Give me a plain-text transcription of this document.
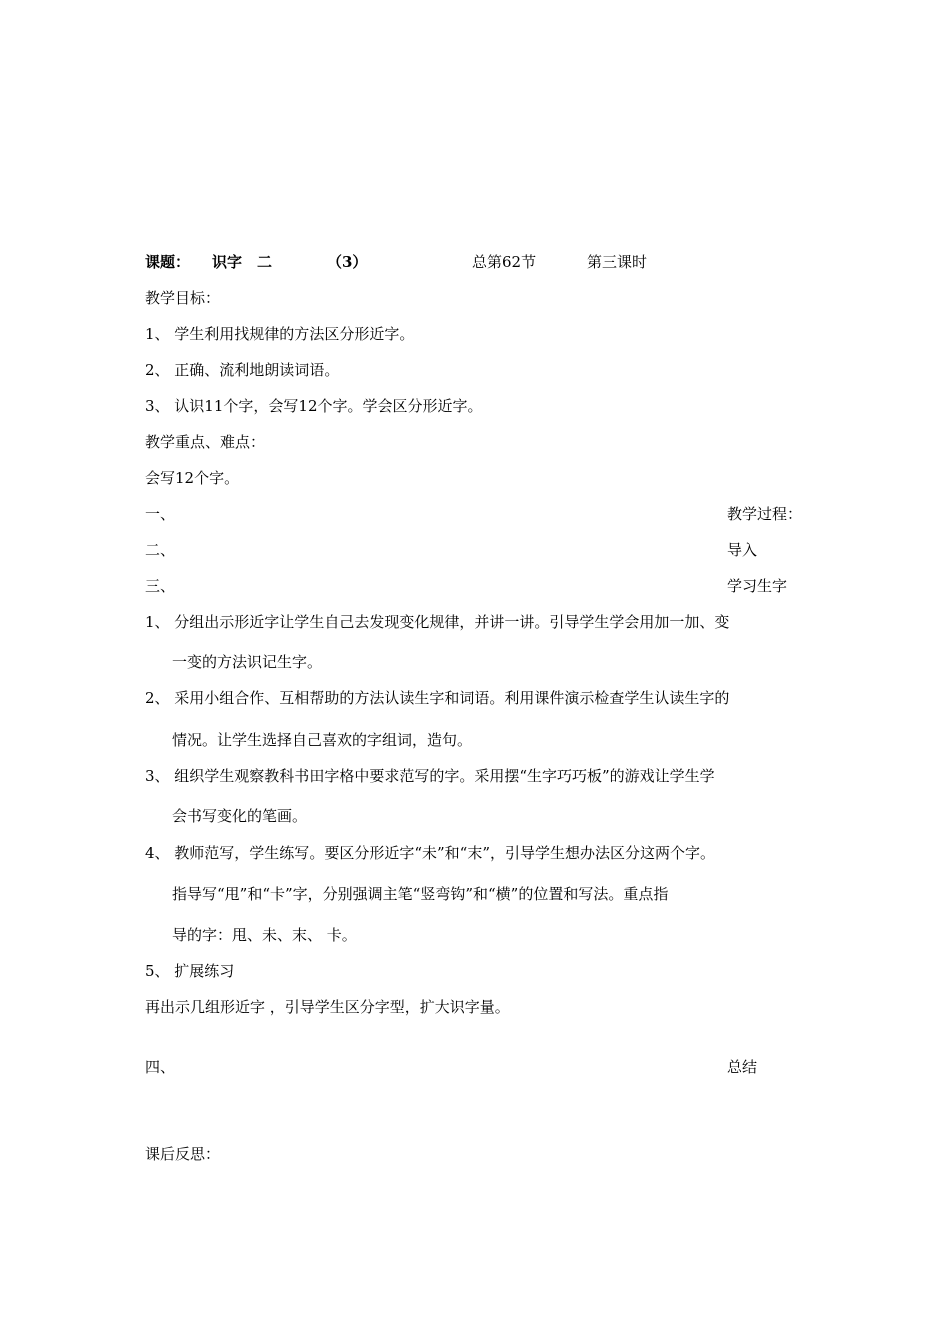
课题： 识字　二	（3）	总第62节	第三课时
教学目标：
1、 学生利用找规律的方法区分形近字。
2、 正确、流利地朗读词语。
3、 认识11个字，会写12个字。学会区分形近字。
教学重点、难点：
会写12个字。
一、	教学过程：
二、	导入
三、	学习生字
1、 分组出示形近字让学生自己去发现变化规律，并讲一讲。引导学生学会用加一加、变
一变的方法识记生字。
2、 采用小组合作、互相帮助的方法认读生字和词语。利用课件演示检查学生认读生字的
情况。让学生选择自己喜欢的字组词，造句。
3、 组织学生观察教科书田字格中要求范写的字。采用摆“生字巧巧板”的游戏让学生学
会书写变化的笔画。
4、 教师范写，学生练写。要区分形近字“未”和“末”，引导学生想办法区分这两个字。
指导写“甩”和“卡”字，分别强调主笔“竖弯钩”和“横”的位置和写法。重点指
导的字：甩、未、末、 卡。
5、 扩展练习
再出示几组形近字 ，引导学生区分字型，扩大识字量。
四、	总结
课后反思：
